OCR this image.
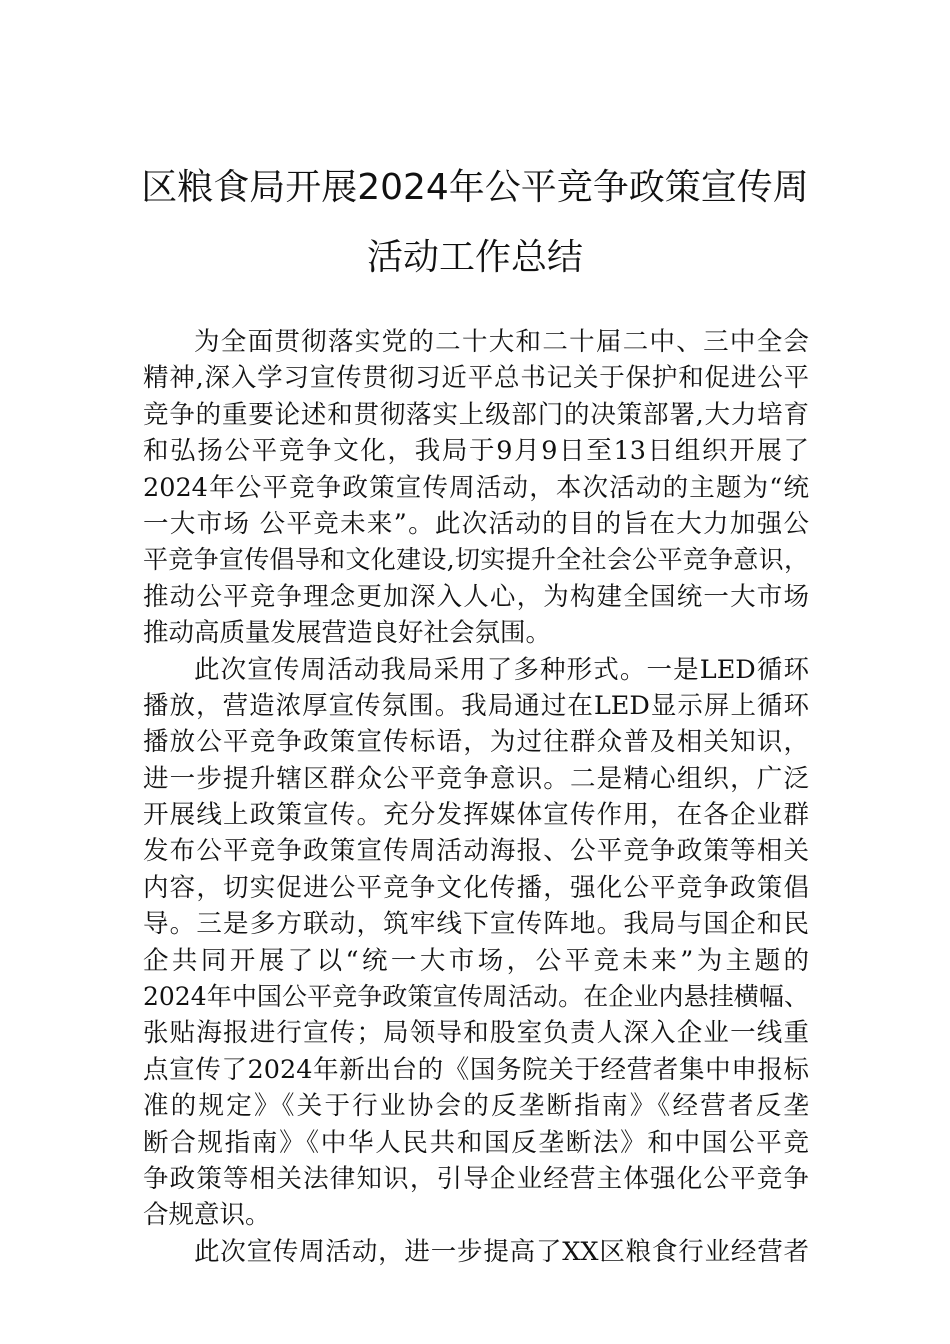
区粮食局开展2024年公平竞争政策宣传周
活动工作总结
为全面贯彻落实党的二十大和二十届二中、三中全会
精神,深入学习宣传贯彻习近平总书记关于保护和促进公平
竞争的重要论述和贯彻落实上级部门的决策部署,大力培育
和弘扬公平竞争文化，我局于9月9日至13日组织开展了
2024年公平竞争政策宣传周活动，本次活动的主题为“统
一大市场 公平竞未来”。此次活动的目的旨在大力加强公
平竞争宣传倡导和文化建设,切实提升全社会公平竞争意识，
推动公平竞争理念更加深入人心，为构建全国统一大市场
推动高质量发展营造良好社会氛围。
此次宣传周活动我局采用了多种形式。一是LED循环
播放，营造浓厚宣传氛围。我局通过在LED显示屏上循环
播放公平竞争政策宣传标语，为过往群众普及相关知识，
进一步提升辖区群众公平竞争意识。二是精心组织，广泛
开展线上政策宣传。充分发挥媒体宣传作用，在各企业群
发布公平竞争政策宣传周活动海报、公平竞争政策等相关
内容，切实促进公平竞争文化传播，强化公平竞争政策倡
导。三是多方联动，筑牢线下宣传阵地。我局与国企和民
企共同开展了以“统一大市场，公平竞未来”为主题的
2024年中国公平竞争政策宣传周活动。在企业内悬挂横幅、
张贴海报进行宣传；局领导和股室负责人深入企业一线重
点宣传了2024年新出台的《国务院关于经营者集中申报标
准的规定》《关于行业协会的反垄断指南》《经营者反垄
断合规指南》《中华人民共和国反垄断法》和中国公平竞
争政策等相关法律知识，引导企业经营主体强化公平竞争
合规意识。
此次宣传周活动，进一步提高了XX区粮食行业经营者
